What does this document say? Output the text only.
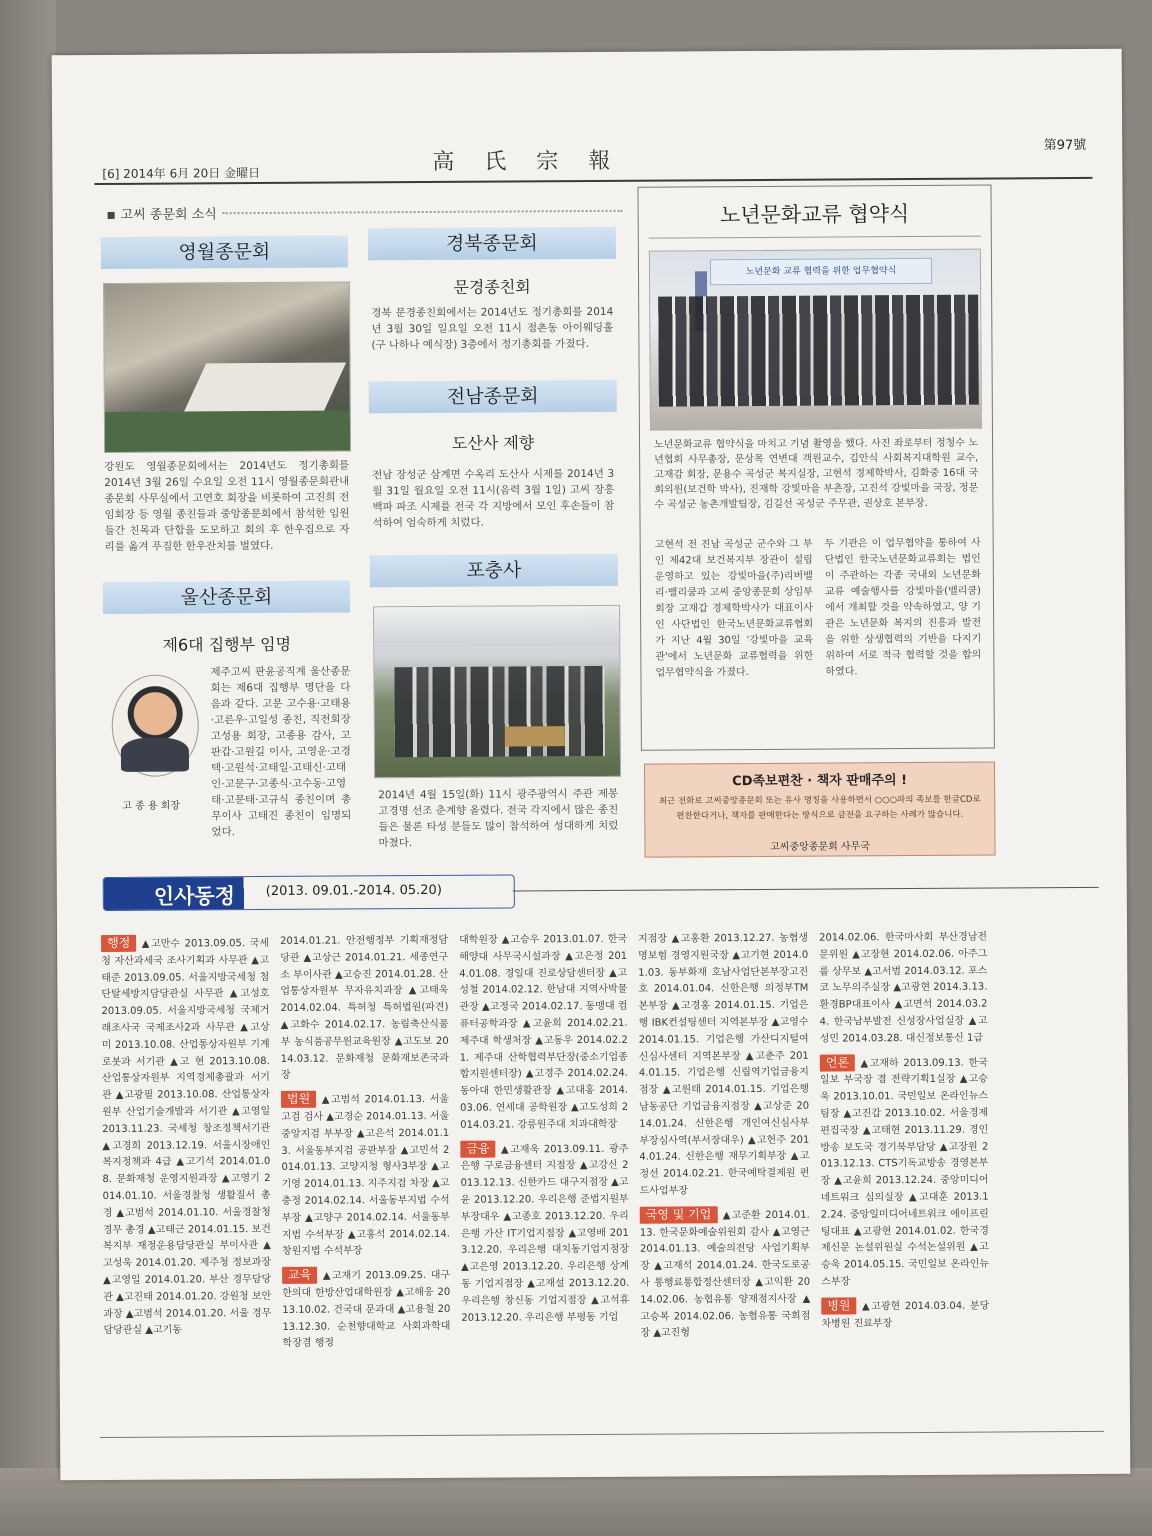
[6] 2014年 6月 20日 金曜日	高氏宗報
第97號
고씨 종문회 소식
영월종문회
강원도 영월종문회에서는 2014년도 정기총회를 2014년 3월 26일 수요일 오전 11시 영월종문회관내 종문회 사무실에서 고연호 회장을 비롯하여 고진희 전임회장 등 영월 종친들과 중앙종문회에서 참석한 임원들간 친목과 단합을 도모하고 회의 후 한우집으로 자리를 옮겨 푸짐한 한우잔치를 벌였다.
울산종문회
제6대 집행부 임명
고 종 용 회장
제주고씨 판윤공직계 울산종문회는 제6대 집행부 명단을 다음과 같다. 고문 고수용·고태용·고른우·고일성 종친, 직전회장 고성용 회장, 고종용 감사, 고판갑·고원길 이사, 고영운·고경택·고원석·고태일·고태신·고태인·고문구·고종식·고수동·고영태·고문태·고규식 종친이며 총무이사 고태진 종친이 임명되었다.
경북종문회
문경종친회
경북 문경종친회에서는 2014년도 정기총회를 2014년 3월 30일 일요일 오전 11시 점촌동 아이웨딩홀(구 나하나 예식장) 3층에서 정기총회를 가졌다.
전남종문회
도산사 제향
전남 장성군 삼계면 수옥리 도산사 시제를 2014년 3월 31일 월요일 오전 11시(음력 3월 1일) 고씨 장흥백파 파조 시제를 전국 각 지방에서 모인 후손들이 참석하여 엄숙하게 치렀다.
포충사
2014년 4월 15일(화) 11시 광주광역시 주관 제봉 고경명 선조 춘계향 올렸다. 전국 각지에서 많은 종친들은 물론 타성 분들도 많이 참석하여 성대하게 치렀 마쳤다.
노년문화교류 협약식
노년문화 교류 협력을 위한 업무협약식
노년문화교류 협약식을 마치고 기념 촬영을 했다. 사진 좌로부터 정청수 노년협회 사무총장, 문상목 연변대 객원교수, 김안식 사회복지대학원 교수, 고재감 회장, 문용수 곡성군 복지실장, 고현석 경제학박사, 김화중 16대 국회의원(보건학 박사), 진재학 강빛마을 부촌장, 고진석 강빛마을 국장, 정문수 곡성군 농촌개발팀장, 김길선 곡성군 주무관, 권상호 본부장.
고현석 전 진남 곡성군 군수와 그 부인 제42대 보건복지부 장관이 설립 운영하고 있는 강빛마을(주)리버밸리·밸리쿰과 고씨 중앙종문회 상임부회장 고재갑 경제학박사가 대표이사인 사단법인 한국노년문화교류협회가 지난 4월 30일 '강빛마을 교육관'에서 노년문화 교류협력을 위한 업무협약식을 가졌다.
두 기관은 이 업무협약을 통하여 사단법인 한국노년문화교류회는 법인이 주관하는 각종 국내외 노년문화교류 예술행사를 강빛마을(밸리쿰)에서 개최할 것을 약속하였고, 양 기관은 노년문화 복지의 진흥과 발전을 위한 상생협력의 기반을 다지기 위하여 서로 적극 협력할 것을 합의하였다.
CD족보편찬 · 책자 판매주의 !
최근 전화로 고씨중앙종문회 또는 유사 명칭을 사용하면서 ○○○파의 족보를 한글CD로 편찬한다거나, 책자를 판매한다는 방식으로 금전을 요구하는 사례가 많습니다.
고씨중앙종문회 사무국
인사동정 (2013. 09.01.-2014. 05.20)
행정 ▲고만수 2013.09.05. 국세청 자산과세국 조사기획과 사무관 ▲고태준 2013.09.05. 서울지방국세청 첨단탈세방지담당관실 사무관 ▲고성호 2013.09.05. 서울지방국세청 국제거래조사국 국제조사2과 사무관 ▲고상미 2013.10.08. 산업통상자원부 기계로봇과 서기관 ▲고 현 2013.10.08. 산업통상자원부 지역경제총괄과 서기관 ▲고광필 2013.10.08. 산업통상자원부 산업기술개발과 서기관 ▲고영일 2013.11.23. 국세청 창조정책서기관 ▲고경희 2013.12.19. 서울시장애인복지정책과 4급 ▲고기석 2014.01.08. 문화재청 운영지원과장 ▲고영기 2014.01.10. 서울경찰청 생활질서 총경 ▲고범석 2014.01.10. 서울경찰청 경무 총경 ▲고태근 2014.01.15. 보건복지부 재정운용담당관실 부이사관 ▲고성욱 2014.01.20. 제주청 정보과장 ▲고영일 2014.01.20. 부산 경무담당관 ▲고진태 2014.01.20. 강원청 보안과장 ▲고범석 2014.01.20. 서울 경무담당관실 ▲고기동
2014.01.21. 안전행정부 기획재정담당관 ▲고상근 2014.01.21. 세종연구소 부이사관 ▲고승진 2014.01.28. 산업통상자원부 무자유치과장 ▲고태욱 2014.02.04. 특허청 특허법원(파견) ▲고화수 2014.02.17. 농림축산식품부 농식품공무원교육원장 ▲고도보 2014.03.12. 문화재청 문화재보존국과장
법원 ▲고범석 2014.01.13. 서울고검 검사 ▲고경순 2014.01.13. 서울중앙지검 부부장 ▲고은석 2014.01.13. 서울동부지검 공판부장 ▲고민석 2014.01.13. 고양지청 형사3부장 ▲고기영 2014.01.13. 지주지검 차장 ▲고충정 2014.02.14. 서울동부지법 수석부장 ▲고양구 2014.02.14. 서울동부지법 수석부장 ▲고홍석 2014.02.14. 창원지법 수석부장
교육 ▲고재기 2013.09.25. 대구한의대 한방산업대학원장 ▲고해웅 2013.10.02. 건국대 문과대 ▲고용철 2013.12.30. 순천향대학교 사회과학대학장겸 행정
대학원장 ▲고승우 2013.01.07. 한국해양대 사무국시설과장 ▲고은정 2014.01.08. 경일대 진로상담센터장 ▲고성철 2014.02.12. 한남대 지역사박물관장 ▲고정국 2014.02.17. 동맹대 컴퓨터공학과장 ▲고윤희 2014.02.21. 제주대 학생처장 ▲고동우 2014.02.21. 제주대 산학협력부단장(중소기업종합지원센터장) ▲고경주 2014.02.24. 동아대 한민생활관장 ▲고대홍 2014.03.06. 연세대 공학원장 ▲고도성희 2014.03.21. 강릉원주대 치과대학장
금융 ▲고재욱 2013.09.11. 광주은행 구로금융센터 지점장 ▲고강신 2013.12.13. 신한카드 대구지점장 ▲고윤 2013.12.20. 우리은행 준법지원부부장대우 ▲고종호 2013.12.20. 우리은행 가산 IT기업지점장 ▲고영배 2013.12.20. 우리은행 대치동기업지점장 ▲고은영 2013.12.20. 우리은행 상계동 기업지점장 ▲고재설 2013.12.20. 우리은행 창신동 기업지점장 ▲고석휴 2013.12.20. 우리은행 부평동 기업
지점장 ▲고홍환 2013.12.27. 농협생명보험 경영지원국장 ▲고기현 2014.01.03. 동부화재 호남사업단본부장고진호 2014.01.04. 신한은행 의정부TM본부장 ▲고경홍 2014.01.15. 기업은행 IBK컨설팅센터 지역본부장 ▲고영수 2014.01.15. 기업은행 가산디지털여신심사센터 지역본부장 ▲고춘주 2014.01.15. 기업은행 신림역기업금융지점장 ▲고원태 2014.01.15. 기업은행 남동공단 기업금융지점장 ▲고상준 2014.01.24. 신한은행 개인여신심사부 부장심사역(부서장대우) ▲고헌주 2014.01.24. 신한은행 재무기획부장 ▲고정선 2014.02.21. 한국예탁결제원 펀드사업부장
국영 및 기업 ▲고준환 2014.01.13. 한국문화예술위원회 감사 ▲고영근 2014.01.13. 예술의전당 사업기획부장 ▲고재석 2014.01.24. 한국도로공사 통행료통합정산센터장 ▲고익환 2014.02.06. 농협유통 양재점지사장 ▲고승복 2014.02.06. 농협유통 국회점장 ▲고진형
2014.02.06. 한국마사회 부산경남전문위원 ▲고장현 2014.02.06. 아주그룹 상무보 ▲고서범 2014.03.12. 포스코 노무의주실장 ▲고광현 2014.3.13. 환경BP대표이사 ▲고면석 2014.03.24. 한국남부발전 신성장사업실장 ▲고성민 2014.03.28. 대신정보통신 1급
언론 ▲고재하 2013.09.13. 한국일보 부국장 겸 전략기획1실장 ▲고승욱 2013.10.01. 국민일보 온라인뉴스팀장 ▲고진갑 2013.10.02. 서울경제 편집국장 ▲고태현 2013.11.29. 경인방송 보도국 경기북부담당 ▲고장원 2013.12.13. CTS기독교방송 경영본부장 ▲고윤희 2013.12.24. 중앙미디어네트워크 심의실장 ▲고대훈 2013.12.24. 중앙일미디어네트워크 에이프린팅대표 ▲고광현 2014.01.02. 한국경제신문 논설위원실 수석논설위원 ▲고승욱 2014.05.15. 국민일보 온라인뉴스부장
병원 ▲고광현 2014.03.04. 분당차병원 진료부장
